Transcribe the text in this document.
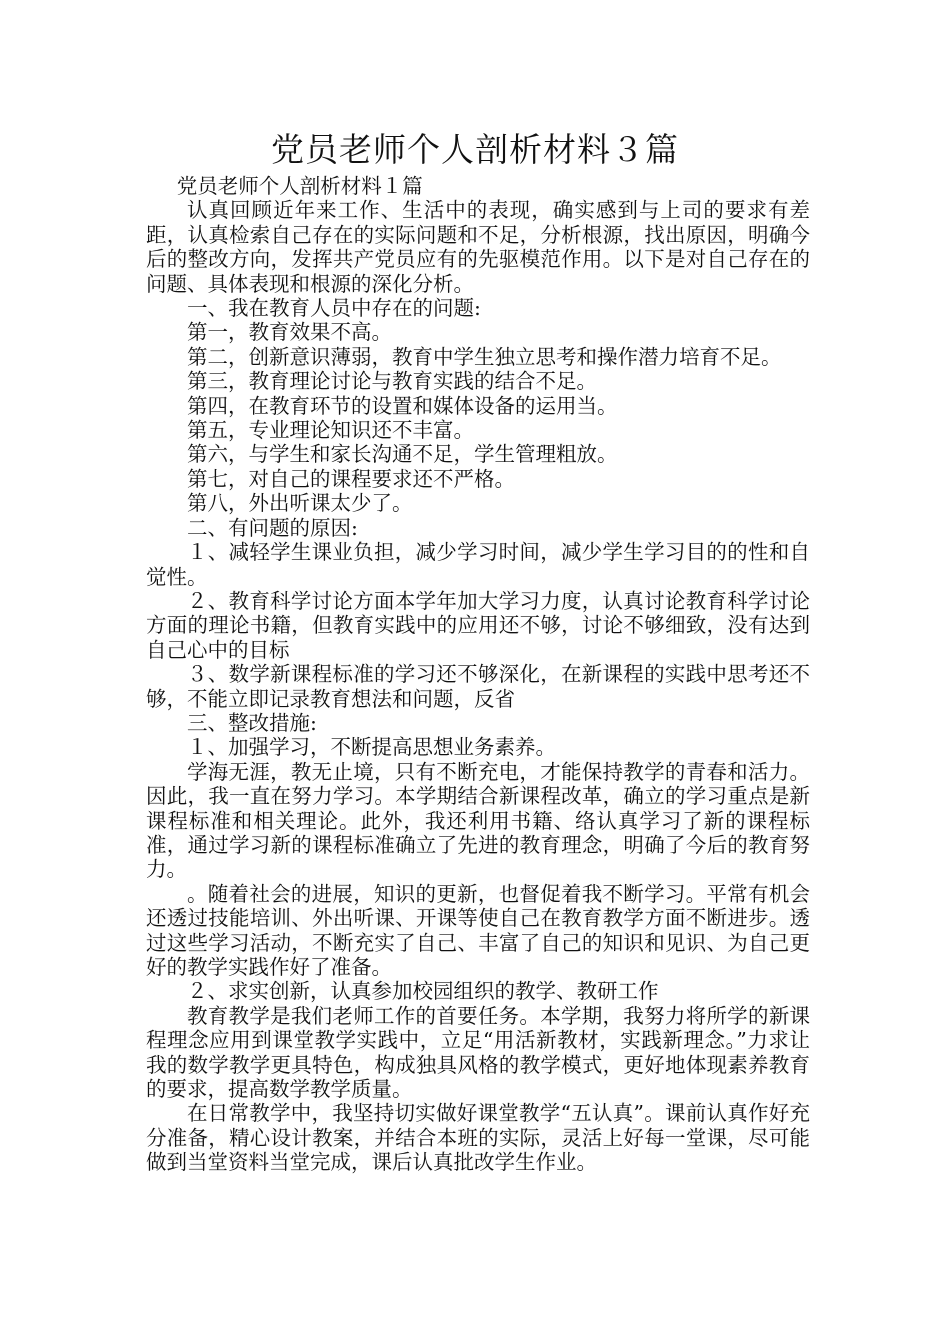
党员老师个人剖析材料３篇

党员老师个人剖析材料１篇

认真回顾近年来工作、生活中的表现，确实感到与上司的要求有差距，认真检索自己存在的实际问题和不足，分析根源，找出原因，明确今后的整改方向，发挥共产党员应有的先驱模范作用。以下是对自己存在的问题、具体表现和根源的深化分析。

一、我在教育人员中存在的问题:

第一，教育效果不高。

第二，创新意识薄弱，教育中学生独立思考和操作潜力培育不足。

第三，教育理论讨论与教育实践的结合不足。

第四，在教育环节的设置和媒体设备的运用当。

第五，专业理论知识还不丰富。

第六，与学生和家长沟通不足，学生管理粗放。

第七，对自己的课程要求还不严格。

第八，外出听课太少了。

二、有问题的原因:

１、减轻学生课业负担，减少学习时间，减少学生学习目的的性和自觉性。

２、教育科学讨论方面本学年加大学习力度，认真讨论教育科学讨论方面的理论书籍，但教育实践中的应用还不够，讨论不够细致，没有达到自己心中的目标

３、数学新课程标准的学习还不够深化，在新课程的实践中思考还不够，不能立即记录教育想法和问题，反省

三、整改措施:

１、加强学习，不断提高思想业务素养。

学海无涯，教无止境，只有不断充电，才能保持教学的青春和活力。因此，我一直在努力学习。本学期结合新课程改革，确立的学习重点是新课程标准和相关理论。此外，我还利用书籍、络认真学习了新的课程标准，通过学习新的课程标准确立了先进的教育理念，明确了今后的教育努力。

。随着社会的进展，知识的更新，也督促着我不断学习。平常有机会还透过技能培训、外出听课、开课等使自己在教育教学方面不断进步。透过这些学习活动，不断充实了自己、丰富了自己的知识和见识、为自己更好的教学实践作好了准备。

２、求实创新，认真参加校园组织的教学、教研工作

教育教学是我们老师工作的首要任务。本学期，我努力将所学的新课程理念应用到课堂教学实践中，立足“用活新教材，实践新理念。”力求让我的数学教学更具特色，构成独具风格的教学模式，更好地体现素养教育的要求，提高数学教学质量。

在日常教学中，我坚持切实做好课堂教学“五认真”。课前认真作好充分准备，精心设计教案，并结合本班的实际，灵活上好每一堂课，尽可能做到当堂资料当堂完成，课后认真批改学生作业。
